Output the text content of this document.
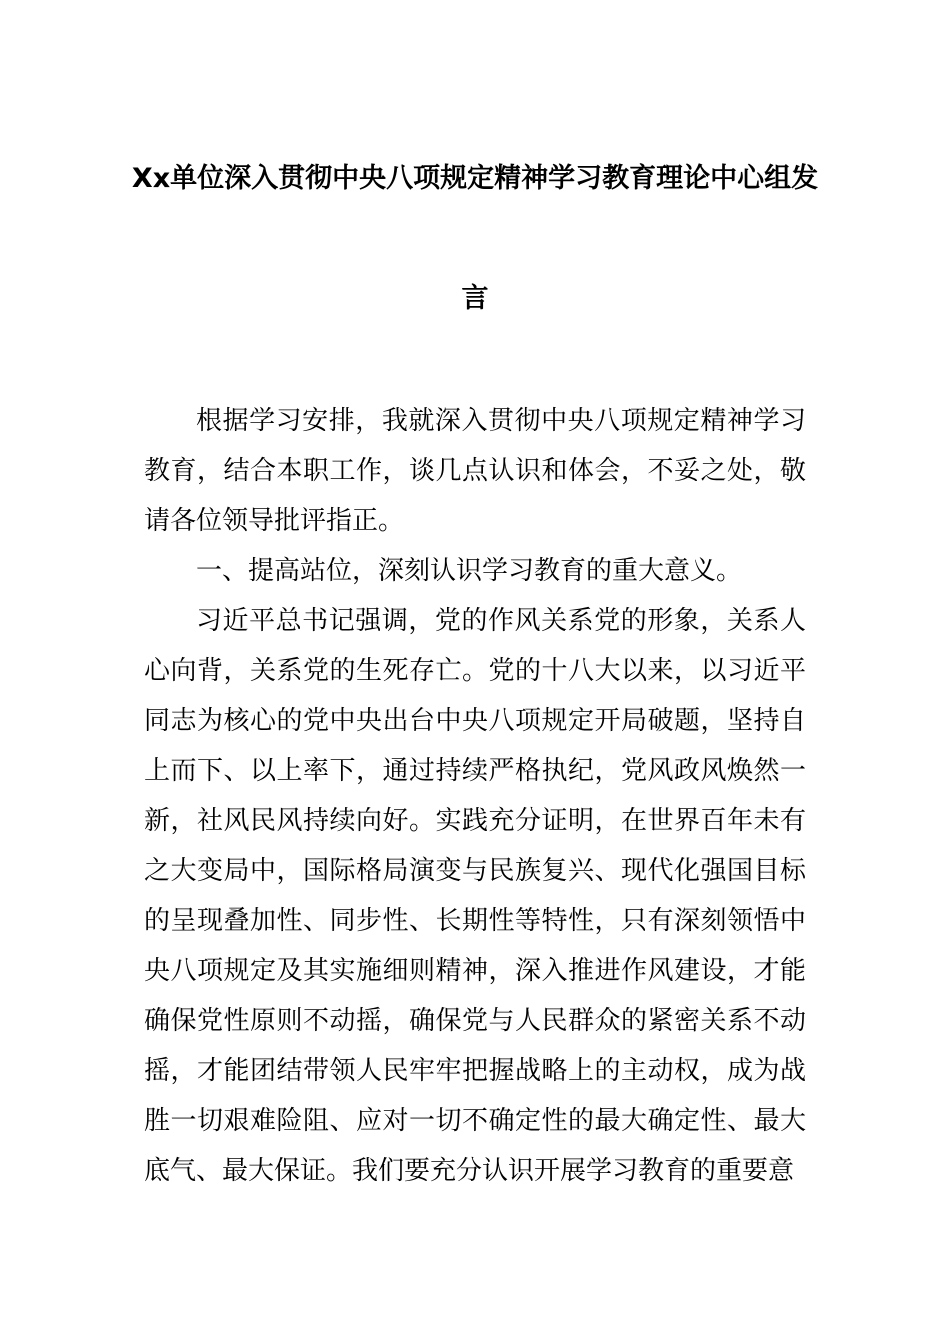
Xx单位深入贯彻中央八项规定精神学习教育理论中心组发
言

根据学习安排，我就深入贯彻中央八项规定精神学习教育，结合本职工作，谈几点认识和体会，不妥之处，敬请各位领导批评指正。

一、提高站位，深刻认识学习教育的重大意义。

习近平总书记强调，党的作风关系党的形象，关系人心向背，关系党的生死存亡。党的十八大以来，以习近平同志为核心的党中央出台中央八项规定开局破题，坚持自上而下、以上率下，通过持续严格执纪，党风政风焕然一新，社风民风持续向好。实践充分证明，在世界百年未有之大变局中，国际格局演变与民族复兴、现代化强国目标的呈现叠加性、同步性、长期性等特性，只有深刻领悟中央八项规定及其实施细则精神，深入推进作风建设，才能确保党性原则不动摇，确保党与人民群众的紧密关系不动摇，才能团结带领人民牢牢把握战略上的主动权，成为战胜一切艰难险阻、应对一切不确定性的最大确定性、最大底气、最大保证。我们要充分认识开展学习教育的重要意
